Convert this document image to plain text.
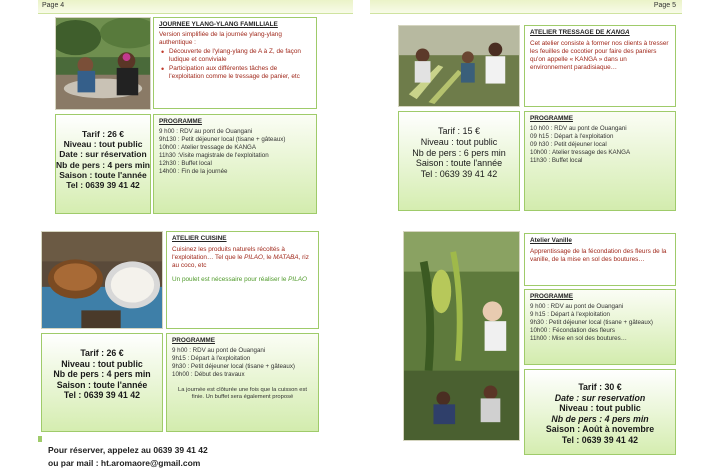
Page 4	Page 5
JOURNEE YLANG-YLANG FAMILLIALE
Version simplifiée de la journée ylang-ylang authentique :
• Découverte de l'ylang-ylang de A à Z, de façon ludique et conviviale
• Participation aux différentes tâches de l'exploitation comme le tressage de panier, etc
Tarif : 26 €
Niveau : tout public
Date : sur réservation
Nb de pers : 4 pers min
Saison : toute l'année
Tel : 0639 39 41 42
PROGRAMME
9 h00 : RDV au pont de Ouangani
9h130 : Petit déjeuner local (tisane + gâteaux)
10h00 : Atelier tressage de KANGA
11h30 :Visite magistrale de l'exploitation
12h30 : Buffet local
14h00 : Fin de la journée
ATELIER TRESSAGE DE KANGA
Cet atelier consiste à former nos clients à tresser les feuilles de cocotier pour faire des paniers qu'on appelle « KANGA » dans un environnement paradisiaque…
Tarif : 15 €
Niveau : tout public
Nb de pers : 6 pers min
Saison : toute l'année
Tel : 0639 39 41 42
PROGRAMME
10 h00 : RDV au pont de Ouangani
09 h15 : Départ à l'exploitation
09 h30 : Petit déjeuner local
10h00 : Atelier tressage des KANGA
11h30 : Buffet local
ATELIER CUISINE
Cuisinez les produits naturels récoltés à l'exploitation… Tel que le PILAO, le MATABA, riz au coco, etc
Un poulet est nécessaire pour réaliser le PILAO
Tarif : 26 €
Niveau : tout public
Nb de pers : 4 pers min
Saison : toute l'année
Tel : 0639 39 41 42
PROGRAMME
9 h00 : RDV au pont de Ouangani
9h15 : Départ à l'exploitation
9h30 : Petit déjeuner local (tisane + gâteaux)
10h00 : Début des travaux
La journée est clôturée une fois que la cuisson est finie. Un buffet sera également proposé
Atelier Vanille
Apprentissage de la fécondation des fleurs de la vanille, de la mise en sol des boutures…
PROGRAMME
9 h00 : RDV au pont de Ouangani
9 h15 : Départ à l'exploitation
9h30 : Petit déjeuner local (tisane + gâteaux)
10h00 : Fécondation des fleurs
11h00 : Mise en sol des boutures…
Tarif : 30 €
Date : sur reservation
Niveau : tout public
Nb de pers : 4 pers min
Saison : Août à novembre
Tel : 0639 39 41 42
Pour réserver, appelez au 0639 39 41 42
ou par mail : ht.aromaore@gmail.com
